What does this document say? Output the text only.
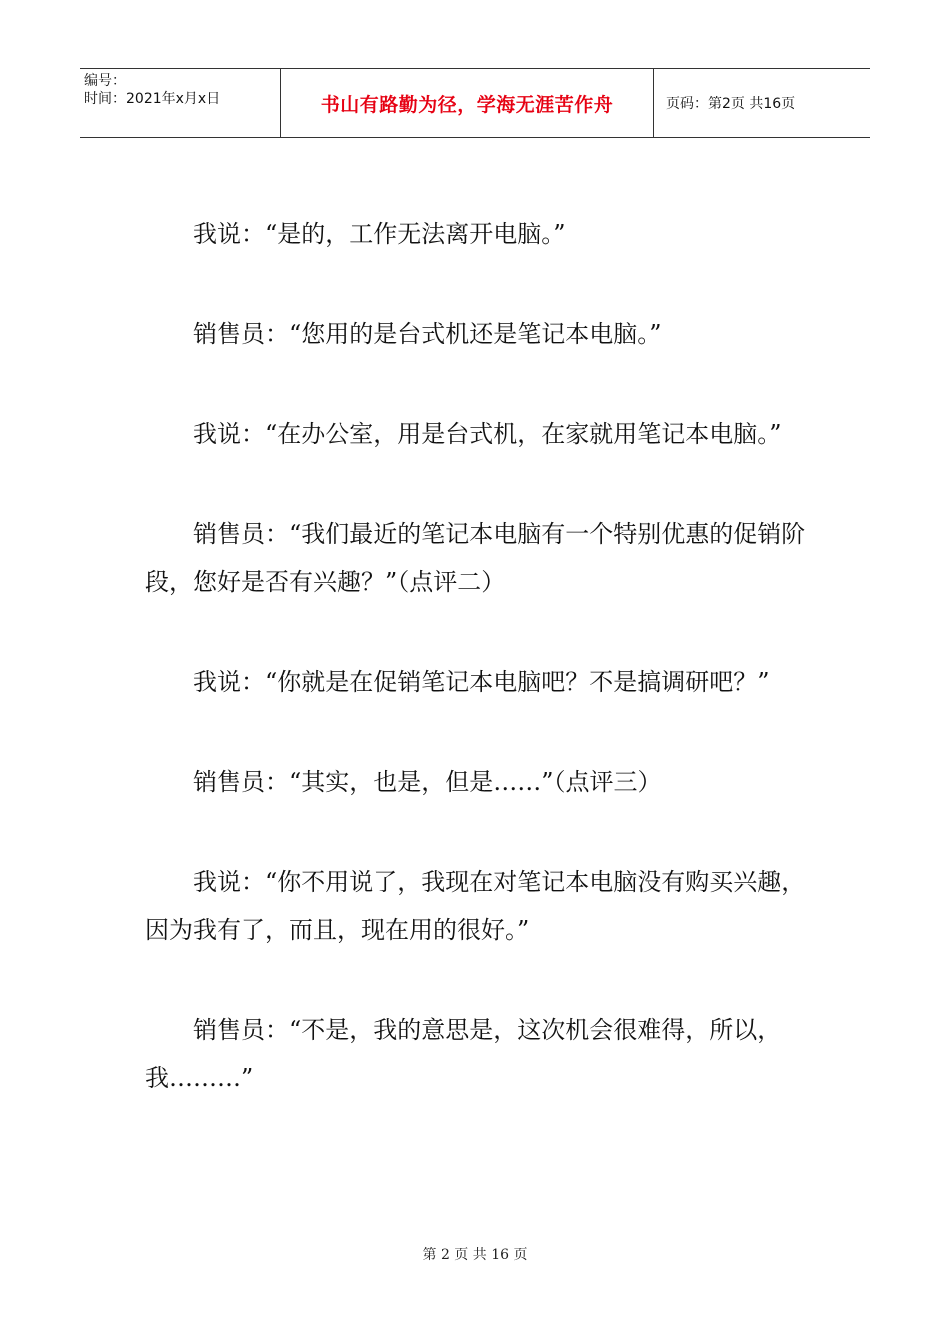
编号：
时间：2021年x月x日	书山有路勤为径，学海无涯苦作舟	页码：第2页 共16页

我说：“是的，工作无法离开电脑。”

销售员：“您用的是台式机还是笔记本电脑。”

我说：“在办公室，用是台式机，在家就用笔记本电脑。”

销售员：“我们最近的笔记本电脑有一个特别优惠的促销阶段，您好是否有兴趣？”（点评二）

我说：“你就是在促销笔记本电脑吧？不是搞调研吧？”

销售员：“其实，也是，但是……”（点评三）

我说：“你不用说了，我现在对笔记本电脑没有购买兴趣，因为我有了，而且，现在用的很好。”

销售员：“不是，我的意思是，这次机会很难得，所以，我………”

第 2 页 共 16 页
